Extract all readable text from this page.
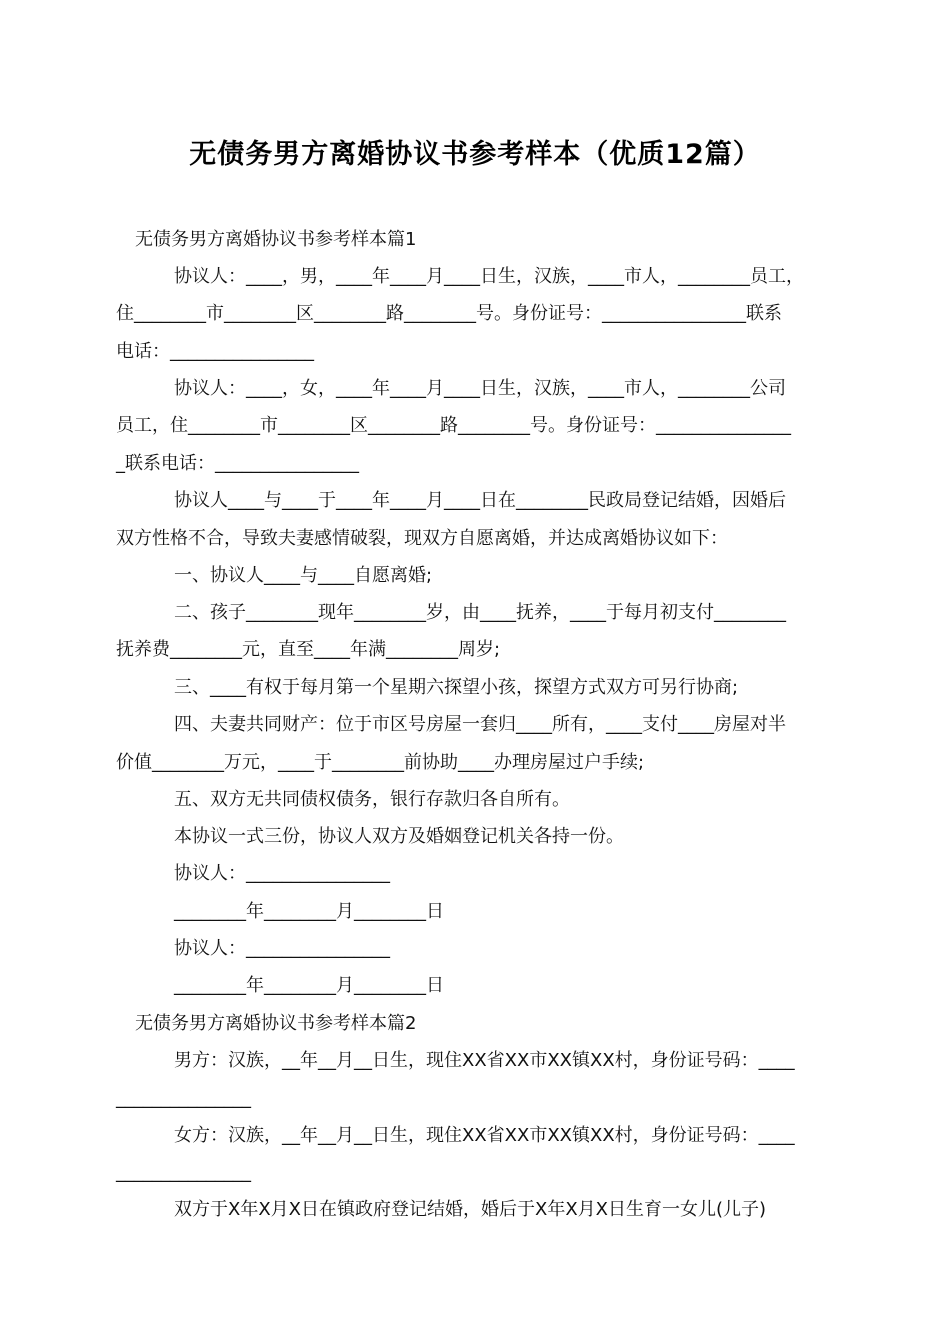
无债务男方离婚协议书参考样本（优质12篇）
无债务男方离婚协议书参考样本篇1
协议人：____，男，____年____月____日生，汉族，____市人，________员工，
住________市________区________路________号。身份证号：________________联系
电话：________________
协议人：____，女，____年____月____日生，汉族，____市人，________公司
员工，住________市________区________路________号。身份证号：_______________
_联系电话：________________
协议人____与____于____年____月____日在________民政局登记结婚，因婚后
双方性格不合，导致夫妻感情破裂，现双方自愿离婚，并达成离婚协议如下：
一、协议人____与____自愿离婚;
二、孩子________现年________岁，由____抚养，____于每月初支付________
抚养费________元，直至____年满________周岁;
三、____有权于每月第一个星期六探望小孩，探望方式双方可另行协商;
四、夫妻共同财产：位于市区号房屋一套归____所有，____支付____房屋对半
价值________万元，____于________前协助____办理房屋过户手续;
五、双方无共同债权债务，银行存款归各自所有。
本协议一式三份，协议人双方及婚姻登记机关各持一份。
协议人：________________
________年________月________日
协议人：________________
________年________月________日
无债务男方离婚协议书参考样本篇2
男方：汉族，__年__月__日生，现住XX省XX市XX镇XX村，身份证号码：____
_______________
女方：汉族，__年__月__日生，现住XX省XX市XX镇XX村，身份证号码：____
_______________
双方于X年X月X日在镇政府登记结婚，婚后于X年X月X日生育一女儿(儿子)
